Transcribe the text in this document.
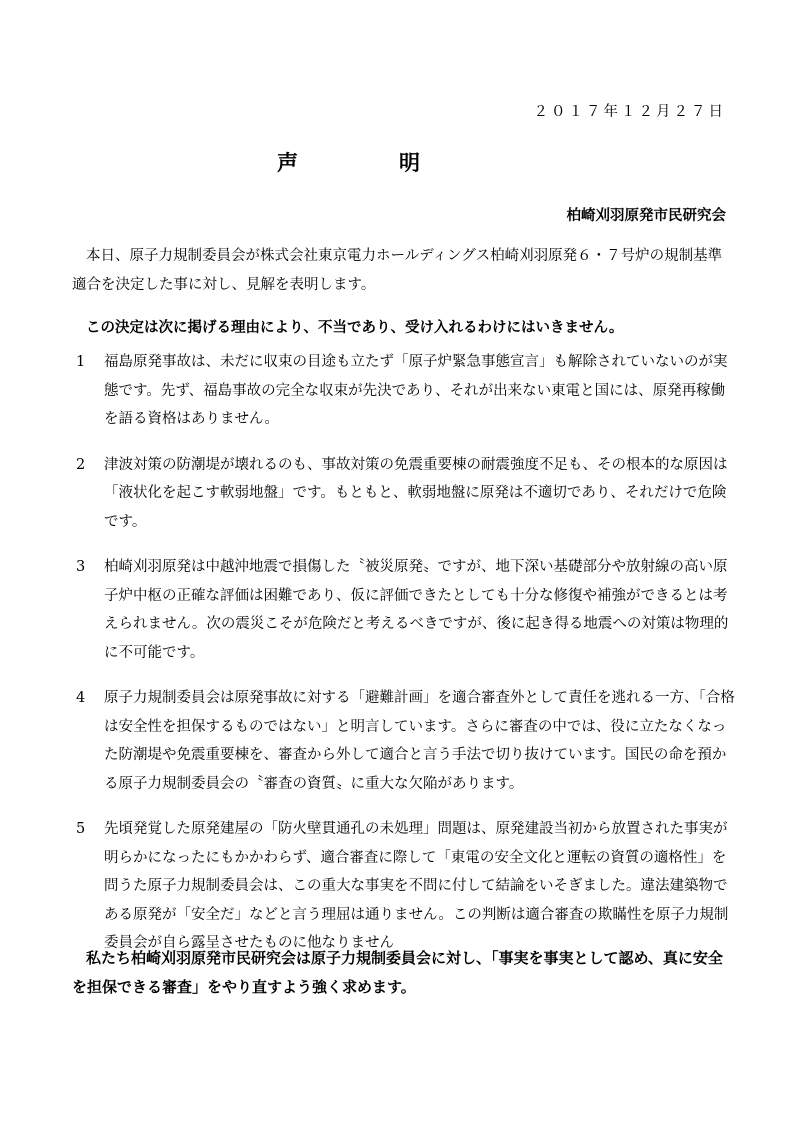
２０１７年１２月２７日
声　明
柏崎刈羽原発市民研究会

本日、原子力規制委員会が株式会社東京電力ホールディングス柏崎刈羽原発６・７号炉の規制基準適合を決定した事に対し、見解を表明します。

この決定は次に掲げる理由により、不当であり、受け入れるわけにはいきません。

1	福島原発事故は、未だに収束の目途も立たず「原子炉緊急事態宣言」も解除されていないのが実態です。先ず、福島事故の完全な収束が先決であり、それが出来ない東電と国には、原発再稼働を語る資格はありません。

2	津波対策の防潮堤が壊れるのも、事故対策の免震重要棟の耐震強度不足も、その根本的な原因は「液状化を起こす軟弱地盤」です。もともと、軟弱地盤に原発は不適切であり、それだけで危険です。

3	柏崎刈羽原発は中越沖地震で損傷した〝被災原発〟ですが、地下深い基礎部分や放射線の高い原子炉中枢の正確な評価は困難であり、仮に評価できたとしても十分な修復や補強ができるとは考えられません。次の震災こそが危険だと考えるべきですが、後に起き得る地震への対策は物理的に不可能です。

4	原子力規制委員会は原発事故に対する「避難計画」を適合審査外として責任を逃れる一方、「合格は安全性を担保するものではない」と明言しています。さらに審査の中では、役に立たなくなった防潮堤や免震重要棟を、審査から外して適合と言う手法で切り抜けています。国民の命を預かる原子力規制委員会の〝審査の資質〟に重大な欠陥があります。

5	先頃発覚した原発建屋の「防火壁貫通孔の未処理」問題は、原発建設当初から放置された事実が明らかになったにもかかわらず、適合審査に際して「東電の安全文化と運転の資質の適格性」を問うた原子力規制委員会は、この重大な事実を不問に付して結論をいそぎました。違法建築物である原発が「安全だ」などと言う理屈は通りません。この判断は適合審査の欺瞞性を原子力規制委員会が自ら露呈させたものに他なりません

私たち柏崎刈羽原発市民研究会は原子力規制委員会に対し、「事実を事実として認め、真に安全を担保できる審査」をやり直すよう強く求めます。
